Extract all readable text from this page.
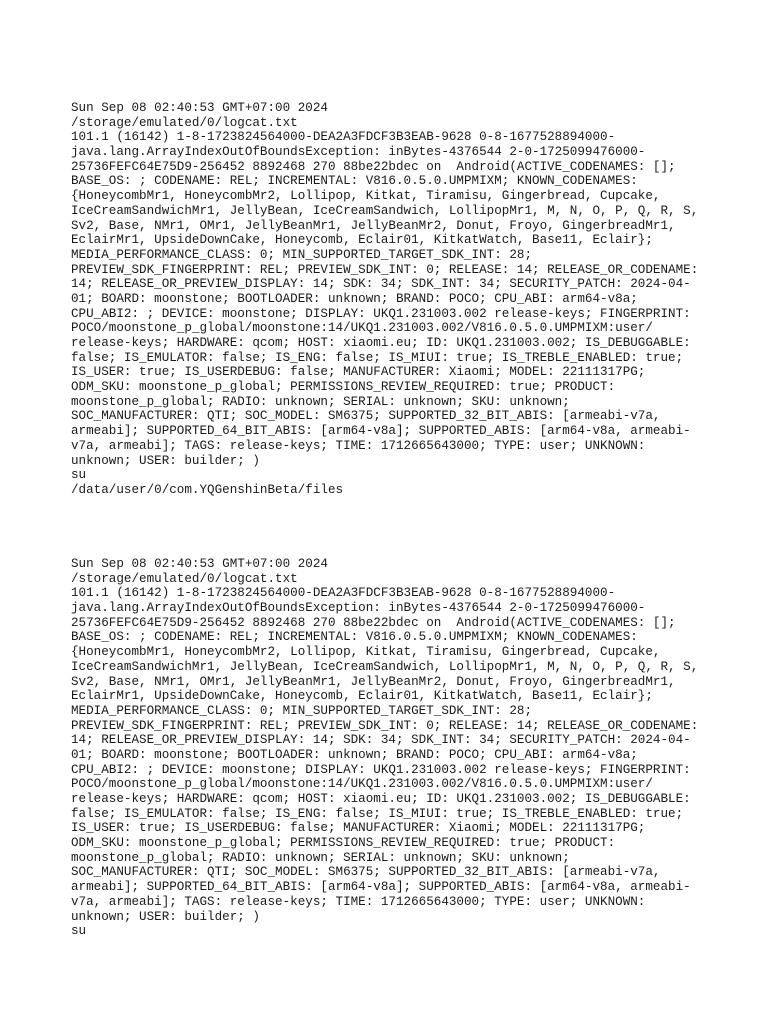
Sun Sep 08 02:40:53 GMT+07:00 2024
/storage/emulated/0/logcat.txt
101.1 (16142) 1-8-1723824564000-DEA2A3FDCF3B3EAB-9628 0-8-1677528894000-
java.lang.ArrayIndexOutOfBoundsException: inBytes-4376544 2-0-1725099476000-
25736FEFC64E75D9-256452 8892468 270 88be22bdec on  Android(ACTIVE_CODENAMES: [];
BASE_OS: ; CODENAME: REL; INCREMENTAL: V816.0.5.0.UMPMIXM; KNOWN_CODENAMES:
{HoneycombMr1, HoneycombMr2, Lollipop, Kitkat, Tiramisu, Gingerbread, Cupcake,
IceCreamSandwichMr1, JellyBean, IceCreamSandwich, LollipopMr1, M, N, O, P, Q, R, S,
Sv2, Base, NMr1, OMr1, JellyBeanMr1, JellyBeanMr2, Donut, Froyo, GingerbreadMr1,
EclairMr1, UpsideDownCake, Honeycomb, Eclair01, KitkatWatch, Base11, Eclair};
MEDIA_PERFORMANCE_CLASS: 0; MIN_SUPPORTED_TARGET_SDK_INT: 28;
PREVIEW_SDK_FINGERPRINT: REL; PREVIEW_SDK_INT: 0; RELEASE: 14; RELEASE_OR_CODENAME:
14; RELEASE_OR_PREVIEW_DISPLAY: 14; SDK: 34; SDK_INT: 34; SECURITY_PATCH: 2024-04-
01; BOARD: moonstone; BOOTLOADER: unknown; BRAND: POCO; CPU_ABI: arm64-v8a;
CPU_ABI2: ; DEVICE: moonstone; DISPLAY: UKQ1.231003.002 release-keys; FINGERPRINT:
POCO/moonstone_p_global/moonstone:14/UKQ1.231003.002/V816.0.5.0.UMPMIXM:user/
release-keys; HARDWARE: qcom; HOST: xiaomi.eu; ID: UKQ1.231003.002; IS_DEBUGGABLE:
false; IS_EMULATOR: false; IS_ENG: false; IS_MIUI: true; IS_TREBLE_ENABLED: true;
IS_USER: true; IS_USERDEBUG: false; MANUFACTURER: Xiaomi; MODEL: 22111317PG;
ODM_SKU: moonstone_p_global; PERMISSIONS_REVIEW_REQUIRED: true; PRODUCT:
moonstone_p_global; RADIO: unknown; SERIAL: unknown; SKU: unknown;
SOC_MANUFACTURER: QTI; SOC_MODEL: SM6375; SUPPORTED_32_BIT_ABIS: [armeabi-v7a,
armeabi]; SUPPORTED_64_BIT_ABIS: [arm64-v8a]; SUPPORTED_ABIS: [arm64-v8a, armeabi-
v7a, armeabi]; TAGS: release-keys; TIME: 1712665643000; TYPE: user; UNKNOWN:
unknown; USER: builder; )
su
/data/user/0/com.YQGenshinBeta/files
Sun Sep 08 02:40:53 GMT+07:00 2024
/storage/emulated/0/logcat.txt
101.1 (16142) 1-8-1723824564000-DEA2A3FDCF3B3EAB-9628 0-8-1677528894000-
java.lang.ArrayIndexOutOfBoundsException: inBytes-4376544 2-0-1725099476000-
25736FEFC64E75D9-256452 8892468 270 88be22bdec on  Android(ACTIVE_CODENAMES: [];
BASE_OS: ; CODENAME: REL; INCREMENTAL: V816.0.5.0.UMPMIXM; KNOWN_CODENAMES:
{HoneycombMr1, HoneycombMr2, Lollipop, Kitkat, Tiramisu, Gingerbread, Cupcake,
IceCreamSandwichMr1, JellyBean, IceCreamSandwich, LollipopMr1, M, N, O, P, Q, R, S,
Sv2, Base, NMr1, OMr1, JellyBeanMr1, JellyBeanMr2, Donut, Froyo, GingerbreadMr1,
EclairMr1, UpsideDownCake, Honeycomb, Eclair01, KitkatWatch, Base11, Eclair};
MEDIA_PERFORMANCE_CLASS: 0; MIN_SUPPORTED_TARGET_SDK_INT: 28;
PREVIEW_SDK_FINGERPRINT: REL; PREVIEW_SDK_INT: 0; RELEASE: 14; RELEASE_OR_CODENAME:
14; RELEASE_OR_PREVIEW_DISPLAY: 14; SDK: 34; SDK_INT: 34; SECURITY_PATCH: 2024-04-
01; BOARD: moonstone; BOOTLOADER: unknown; BRAND: POCO; CPU_ABI: arm64-v8a;
CPU_ABI2: ; DEVICE: moonstone; DISPLAY: UKQ1.231003.002 release-keys; FINGERPRINT:
POCO/moonstone_p_global/moonstone:14/UKQ1.231003.002/V816.0.5.0.UMPMIXM:user/
release-keys; HARDWARE: qcom; HOST: xiaomi.eu; ID: UKQ1.231003.002; IS_DEBUGGABLE:
false; IS_EMULATOR: false; IS_ENG: false; IS_MIUI: true; IS_TREBLE_ENABLED: true;
IS_USER: true; IS_USERDEBUG: false; MANUFACTURER: Xiaomi; MODEL: 22111317PG;
ODM_SKU: moonstone_p_global; PERMISSIONS_REVIEW_REQUIRED: true; PRODUCT:
moonstone_p_global; RADIO: unknown; SERIAL: unknown; SKU: unknown;
SOC_MANUFACTURER: QTI; SOC_MODEL: SM6375; SUPPORTED_32_BIT_ABIS: [armeabi-v7a,
armeabi]; SUPPORTED_64_BIT_ABIS: [arm64-v8a]; SUPPORTED_ABIS: [arm64-v8a, armeabi-
v7a, armeabi]; TAGS: release-keys; TIME: 1712665643000; TYPE: user; UNKNOWN:
unknown; USER: builder; )
su
